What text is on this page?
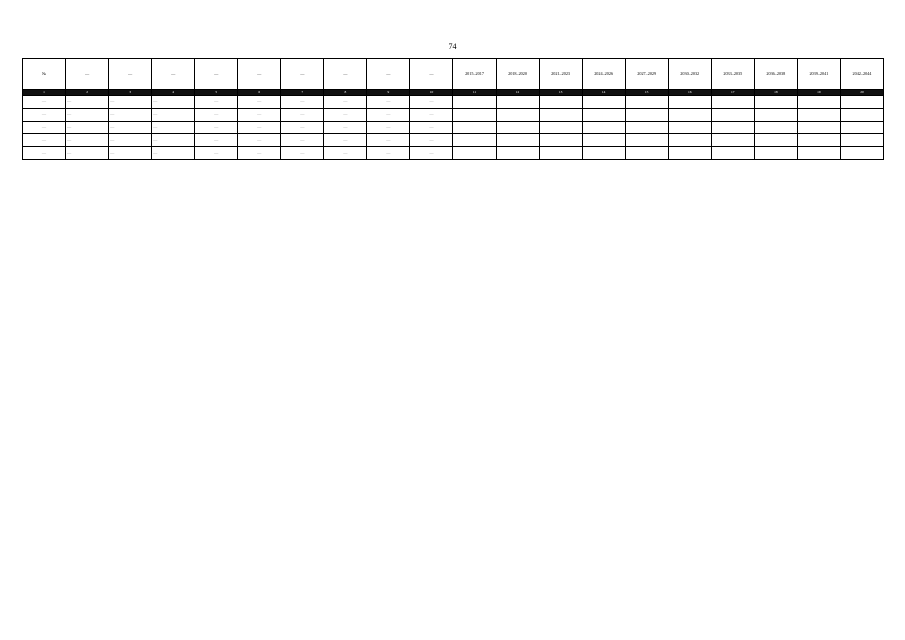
74
№	—	—	—	—	—	—	—	—	—	2015–2017	2018–2020	2021–2023	2024–2026	2027–2029	2030–2032	2033–2035	2036–2038	2039–2041	2042–2044
1	2	3	4	5	6	7	8	9	10	11	12	13	14	15	16	17	18	19	20
—	—	—	—	—	—	—	—	—	—										
—	—	—	—	—	—	—	—	—	—										
—	—	—	—	—	—	—	—	—	—										
—	—	—	—	—	—	—	—	—	—										
—	—	—	—	—	—	—	—	—	—										
